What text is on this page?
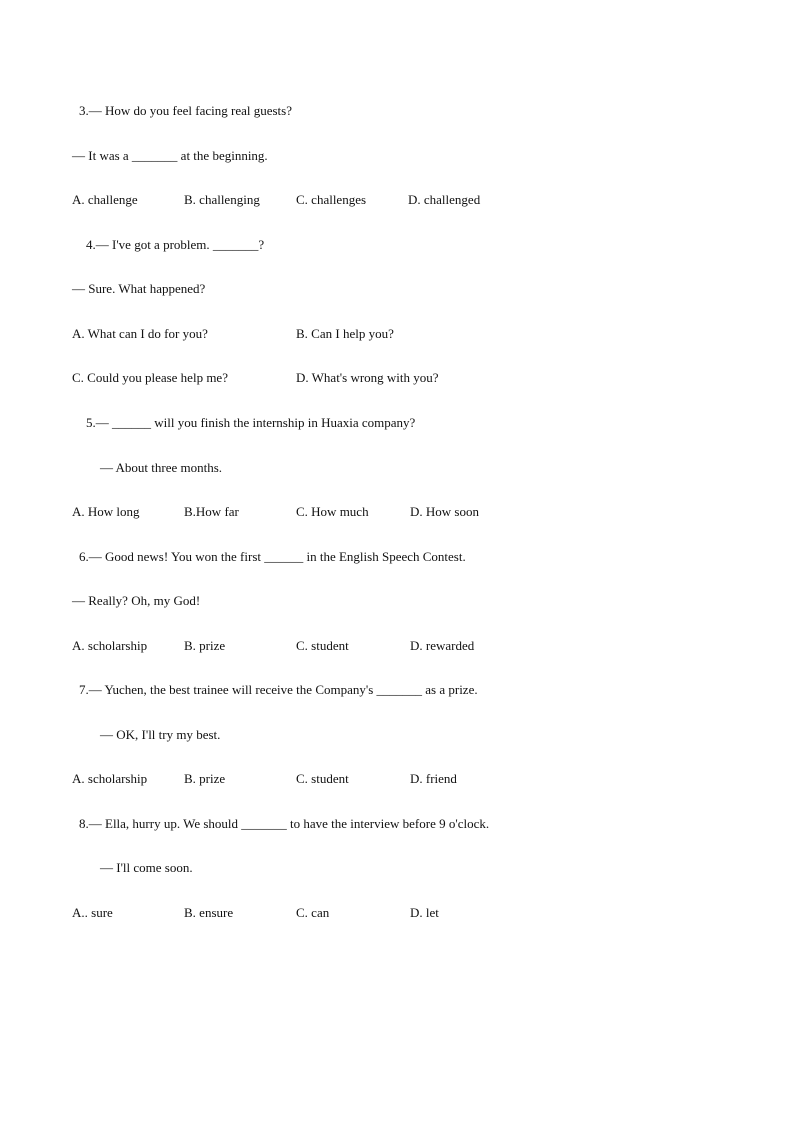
3.— How do you feel facing real guests?
— It was a _______ at the beginning.
A. challenge	B. challenging	C. challenges	D. challenged
4.— I've got a problem. _______?
— Sure. What happened?
A. What can I do for you?	B. Can I help you?
C. Could you please help me?	D. What's wrong with you?
5.— ______ will you finish the internship in Huaxia company?
— About three months.
A. How long	B.How far	C. How much	D. How soon
6.— Good news! You won the first ______ in the English Speech Contest.
— Really? Oh, my God!
A. scholarship	B. prize	C. student	D. rewarded
7.— Yuchen, the best trainee will receive the Company's _______ as a prize.
— OK, I'll try my best.
A. scholarship	B. prize	C. student	D. friend
8.— Ella, hurry up. We should _______ to have the interview before 9 o'clock.
— I'll come soon.
A.. sure	B. ensure	C. can	D. let
